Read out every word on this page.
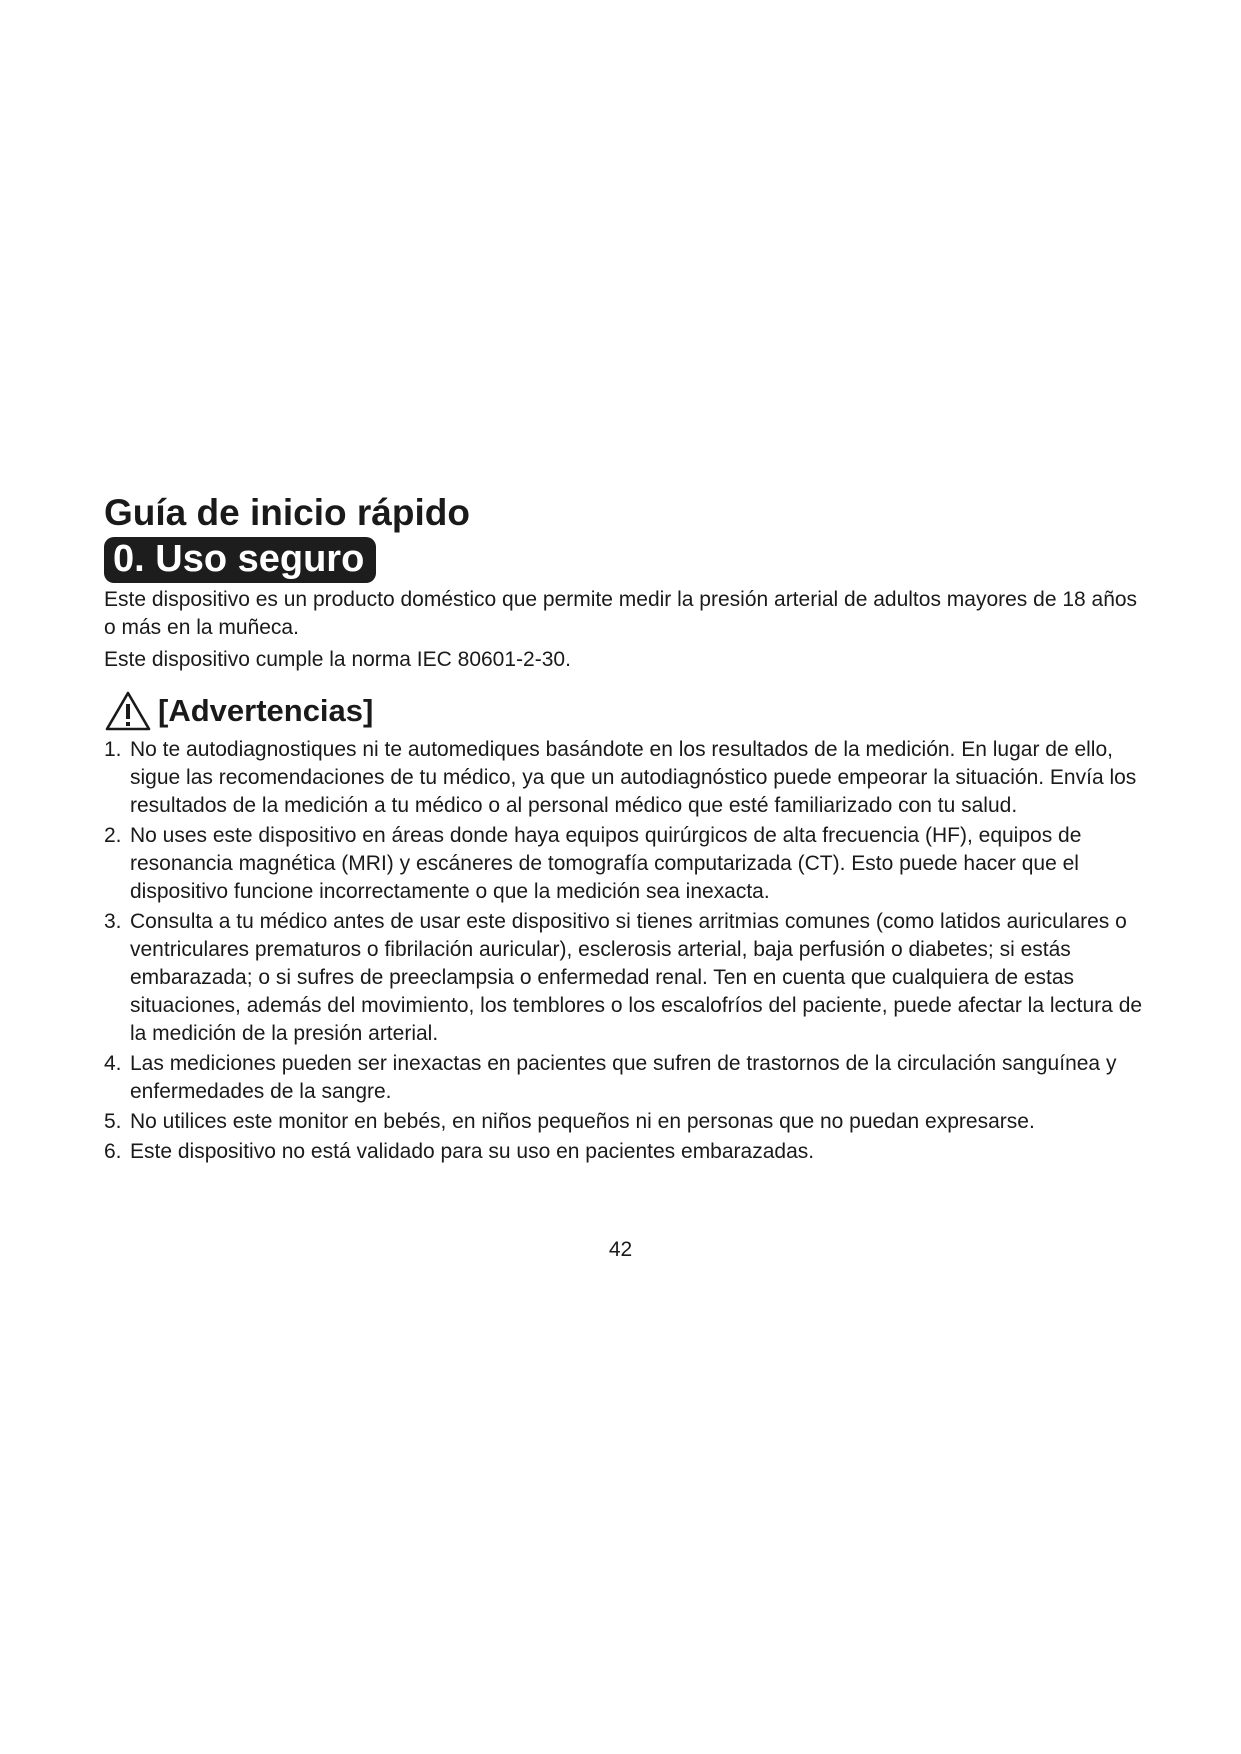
Guía de inicio rápido
0. Uso seguro

Este dispositivo es un producto doméstico que permite medir la presión arterial de adultos mayores de 18 años o más en la muñeca.

Este dispositivo cumple la norma IEC 80601-2-30.

[Advertencias]
1. No te autodiagnostiques ni te automediques basándote en los resultados de la medición. En lugar de ello, sigue las recomendaciones de tu médico, ya que un autodiagnóstico puede empeorar la situación. Envía los resultados de la medición a tu médico o al personal médico que esté familiarizado con tu salud.
2. No uses este dispositivo en áreas donde haya equipos quirúrgicos de alta frecuencia (HF), equipos de resonancia magnética (MRI) y escáneres de tomografía computarizada (CT). Esto puede hacer que el dispositivo funcione incorrectamente o que la medición sea inexacta.
3. Consulta a tu médico antes de usar este dispositivo si tienes arritmias comunes (como latidos auriculares o ventriculares prematuros o fibrilación auricular), esclerosis arterial, baja perfusión o diabetes; si estás embarazada; o si sufres de preeclampsia o enfermedad renal. Ten en cuenta que cualquiera de estas situaciones, además del movimiento, los temblores o los escalofríos del paciente, puede afectar la lectura de la medición de la presión arterial.
4. Las mediciones pueden ser inexactas en pacientes que sufren de trastornos de la circulación sanguínea y enfermedades de la sangre.
5. No utilices este monitor en bebés, en niños pequeños ni en personas que no puedan expresarse.
6. Este dispositivo no está validado para su uso en pacientes embarazadas.
42
